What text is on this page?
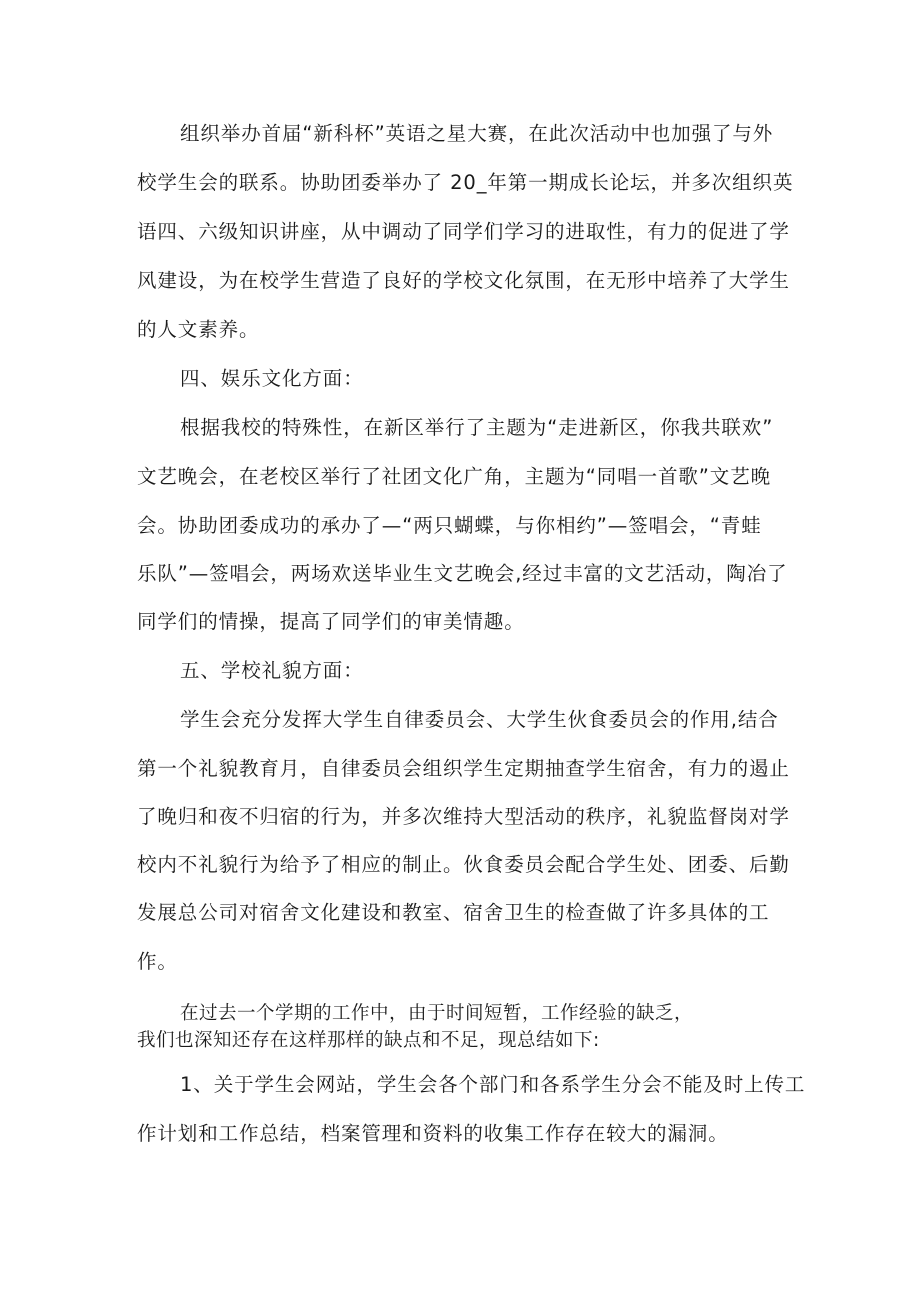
组织举办首届“新科杯”英语之星大赛，在此次活动中也加强了与外

校学生会的联系。协助团委举办了 20_年第一期成长论坛，并多次组织英

语四、六级知识讲座，从中调动了同学们学习的进取性，有力的促进了学

风建设，为在校学生营造了良好的学校文化氛围，在无形中培养了大学生

的人文素养。

四、娱乐文化方面：

根据我校的特殊性，在新区举行了主题为“走进新区，你我共联欢”

文艺晚会，在老校区举行了社团文化广角，主题为“同唱一首歌”文艺晚

会。协助团委成功的承办了—“两只蝴蝶，与你相约”—签唱会，“青蛙

乐队”—签唱会，两场欢送毕业生文艺晚会,经过丰富的文艺活动，陶冶了

同学们的情操，提高了同学们的审美情趣。

五、学校礼貌方面：

学生会充分发挥大学生自律委员会、大学生伙食委员会的作用,结合

第一个礼貌教育月，自律委员会组织学生定期抽查学生宿舍，有力的遏止

了晚归和夜不归宿的行为，并多次维持大型活动的秩序，礼貌监督岗对学

校内不礼貌行为给予了相应的制止。伙食委员会配合学生处、团委、后勤

发展总公司对宿舍文化建设和教室、宿舍卫生的检查做了许多具体的工

作。

在过去一个学期的工作中，由于时间短暂，工作经验的缺乏，

我们也深知还存在这样那样的缺点和不足，现总结如下:

1、关于学生会网站，学生会各个部门和各系学生分会不能及时上传工

作计划和工作总结，档案管理和资料的收集工作存在较大的漏洞。
